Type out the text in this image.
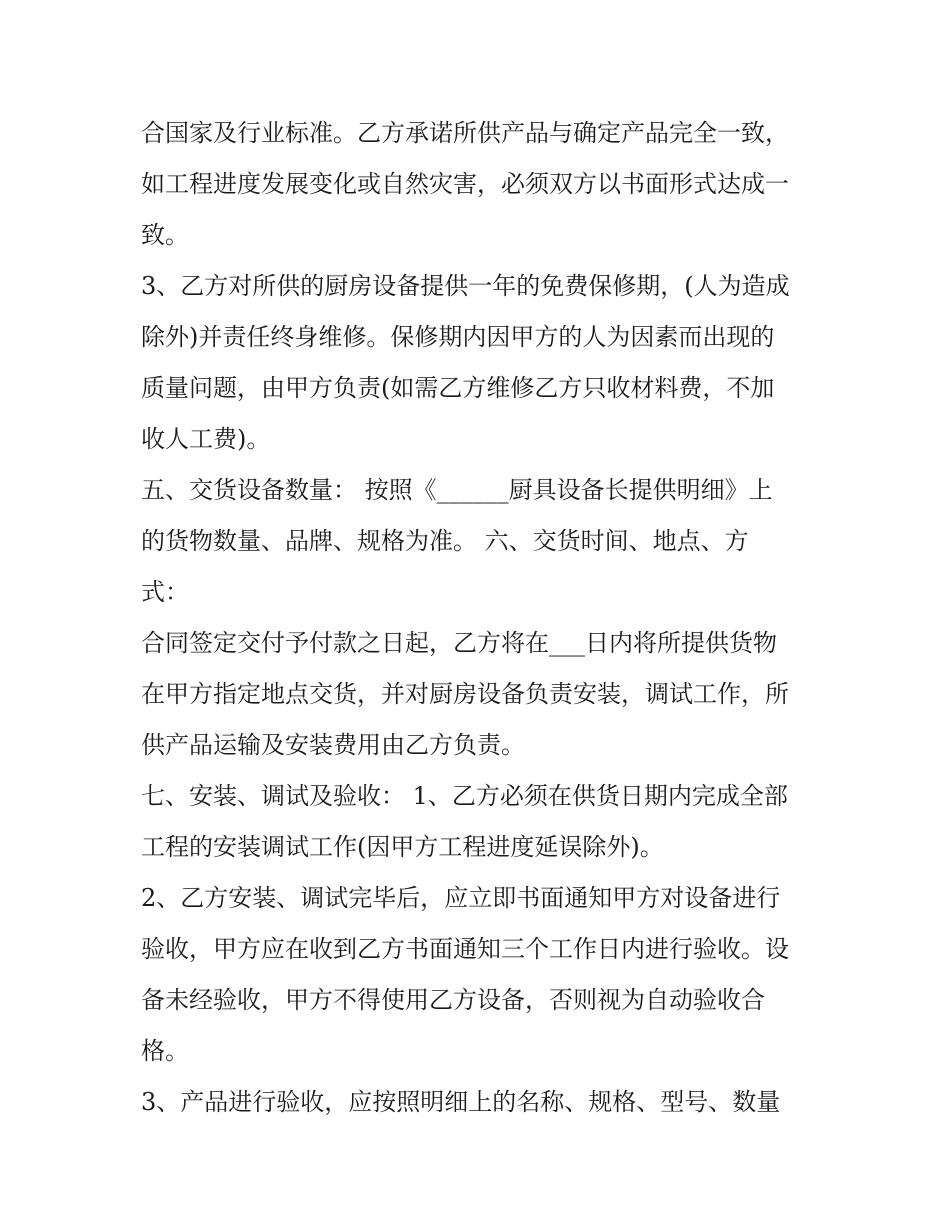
合国家及行业标准。乙方承诺所供产品与确定产品完全一致，
如工程进度发展变化或自然灾害，必须双方以书面形式达成一
致。
3、乙方对所供的厨房设备提供一年的免费保修期，(人为造成
除外)并责任终身维修。保修期内因甲方的人为因素而出现的
质量问题，由甲方负责(如需乙方维修乙方只收材料费，不加
收人工费)。
五、交货设备数量： 按照《______厨具设备长提供明细》上
的货物数量、品牌、规格为准。 六、交货时间、地点、方
式：
合同签定交付予付款之日起，乙方将在___日内将所提供货物
在甲方指定地点交货，并对厨房设备负责安装，调试工作，所
供产品运输及安装费用由乙方负责。
七、安装、调试及验收： 1、乙方必须在供货日期内完成全部
工程的安装调试工作(因甲方工程进度延误除外)。
2、乙方安装、调试完毕后，应立即书面通知甲方对设备进行
验收，甲方应在收到乙方书面通知三个工作日内进行验收。设
备未经验收，甲方不得使用乙方设备，否则视为自动验收合
格。
3、产品进行验收，应按照明细上的名称、规格、型号、数量
